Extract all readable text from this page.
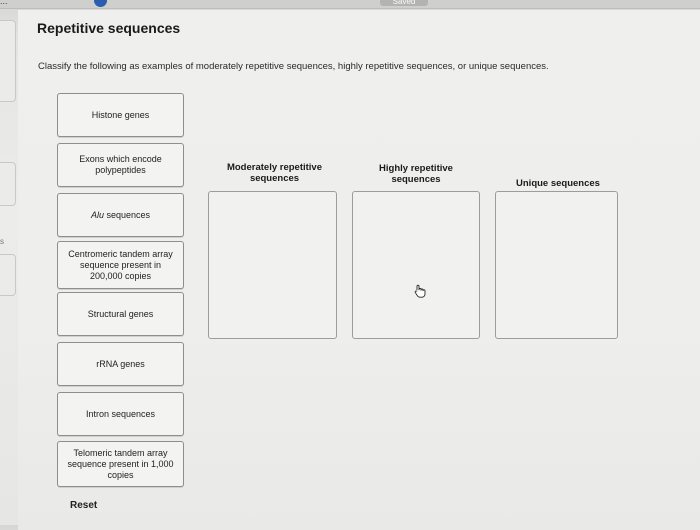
...	Saved
s
Repetitive sequences

Classify the following as examples of moderately repetitive sequences, highly repetitive sequences, or unique sequences.

Histone genes
Exons which encode polypeptides
Alu sequences
Centromeric tandem array sequence present in 200,000 copies
Structural genes
rRNA genes
Intron sequences
Telomeric tandem array sequence present in 1,000 copies
Moderately repetitive sequences
Highly repetitive sequences	Unique sequences
Reset
